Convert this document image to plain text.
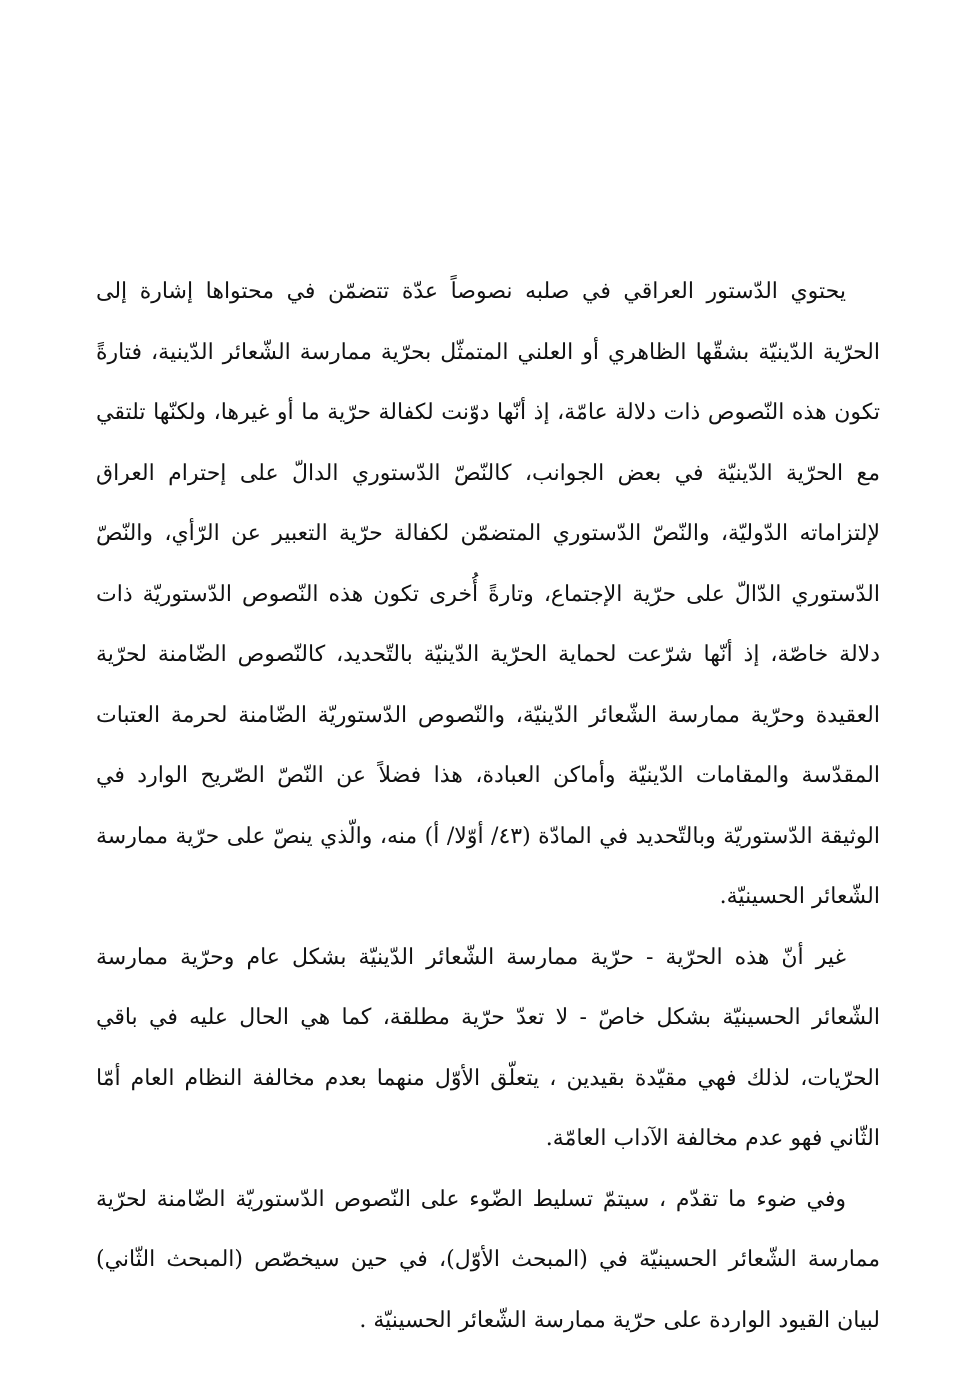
يحتوي الدّستور العراقي في صلبه نصوصاً عدّة تتضمّن في محتواها إشارة إلى الحرّية الدّينيّة بشقّها الظاهري أو العلني المتمثّل بحرّية ممارسة الشّعائر الدّينية، فتارةً تكون هذه النّصوص ذات دلالة عامّة، إذ أنّها دوّنت لكفالة حرّية ما أو غيرها، ولكنّها تلتقي مع الحرّية الدّينيّة في بعض الجوانب، كالنّصّ الدّستوري الدالّ على إحترام العراق لإلتزاماته الدّوليّة، والنّصّ الدّستوري المتضمّن لكفالة حرّية التعبير عن الرّأي، والنّصّ الدّستوري الدّالّ على حرّية الإجتماع، وتارةً أُخرى تكون هذه النّصوص الدّستوريّة ذات دلالة خاصّة، إذ أنّها شرّعت لحماية الحرّية الدّينيّة بالتّحديد، كالنّصوص الضّامنة لحرّية العقيدة وحرّية ممارسة الشّعائر الدّينيّة، والنّصوص الدّستوريّة الضّامنة لحرمة العتبات المقدّسة والمقامات الدّينيّة وأماكن العبادة، هذا فضلاً عن النّصّ الصّريح الوارد في الوثيقة الدّستوريّة وبالتّحديد في المادّة (٤٣/ أوّلا/ أ) منه، والّذي ينصّ على حرّية ممارسة الشّعائر الحسينيّة.

غير أنّ هذه الحرّية - حرّية ممارسة الشّعائر الدّينيّة بشكل عام وحرّية ممارسة الشّعائر الحسينيّة بشكل خاصّ - لا تعدّ حرّية مطلقة، كما هي الحال عليه في باقي الحرّيات، لذلك فهي مقيّدة بقيدين ، يتعلّق الأوّل منهما بعدم مخالفة النظام العام أمّا الثّاني فهو عدم مخالفة الآداب العامّة.

وفي ضوء ما تقدّم ، سيتمّ تسليط الضّوء على النّصوص الدّستوريّة الضّامنة لحرّية ممارسة الشّعائر الحسينيّة في (المبحث الأوّل)، في حين سيخصّص (المبحث الثّاني) لبيان القيود الواردة على حرّية ممارسة الشّعائر الحسينيّة .
